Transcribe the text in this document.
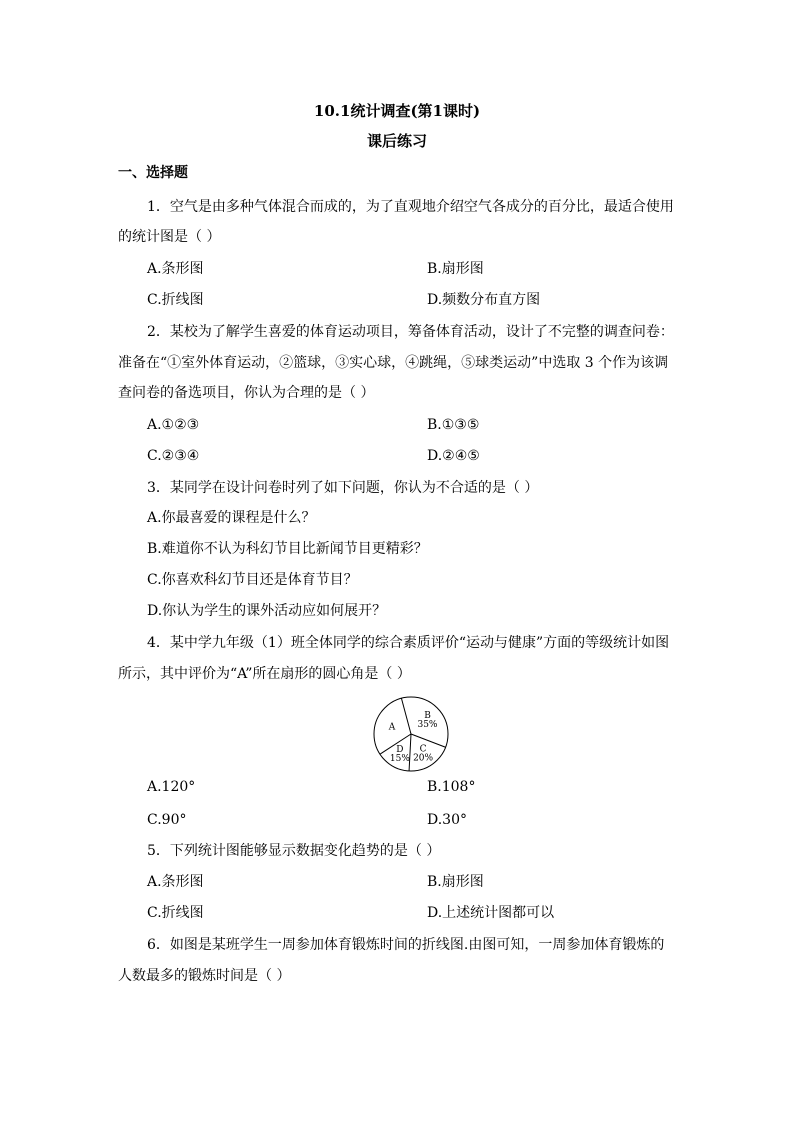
10.1统计调查(第1课时)
课后练习
一、选择题
1．空气是由多种气体混合而成的，为了直观地介绍空气各成分的百分比，最适合使用
的统计图是（ ）
A.条形图	B.扇形图
C.折线图	D.频数分布直方图
2．某校为了解学生喜爱的体育运动项目，筹备体育活动，设计了不完整的调查问卷：
准备在“①室外体育运动，②篮球，③实心球，④跳绳，⑤球类运动”中选取 3 个作为该调
查问卷的备选项目，你认为合理的是（ ）
A.①②③	B.①③⑤
C.②③④	D.②④⑤
3．某同学在设计问卷时列了如下问题，你认为不合适的是（ ）
A.你最喜爱的课程是什么？
B.难道你不认为科幻节目比新闻节目更精彩？
C.你喜欢科幻节目还是体育节目？
D.你认为学生的课外活动应如何展开？
4．某中学九年级（1）班全体同学的综合素质评价“运动与健康”方面的等级统计如图
所示，其中评价为“A”所在扇形的圆心角是（ ）
A
B
35%
C
20%
D
15%
A.120°	B.108°
C.90°	D.30°
5．下列统计图能够显示数据变化趋势的是（ ）
A.条形图	B.扇形图
C.折线图	D.上述统计图都可以
6．如图是某班学生一周参加体育锻炼时间的折线图.由图可知，一周参加体育锻炼的
人数最多的锻炼时间是（ ）
